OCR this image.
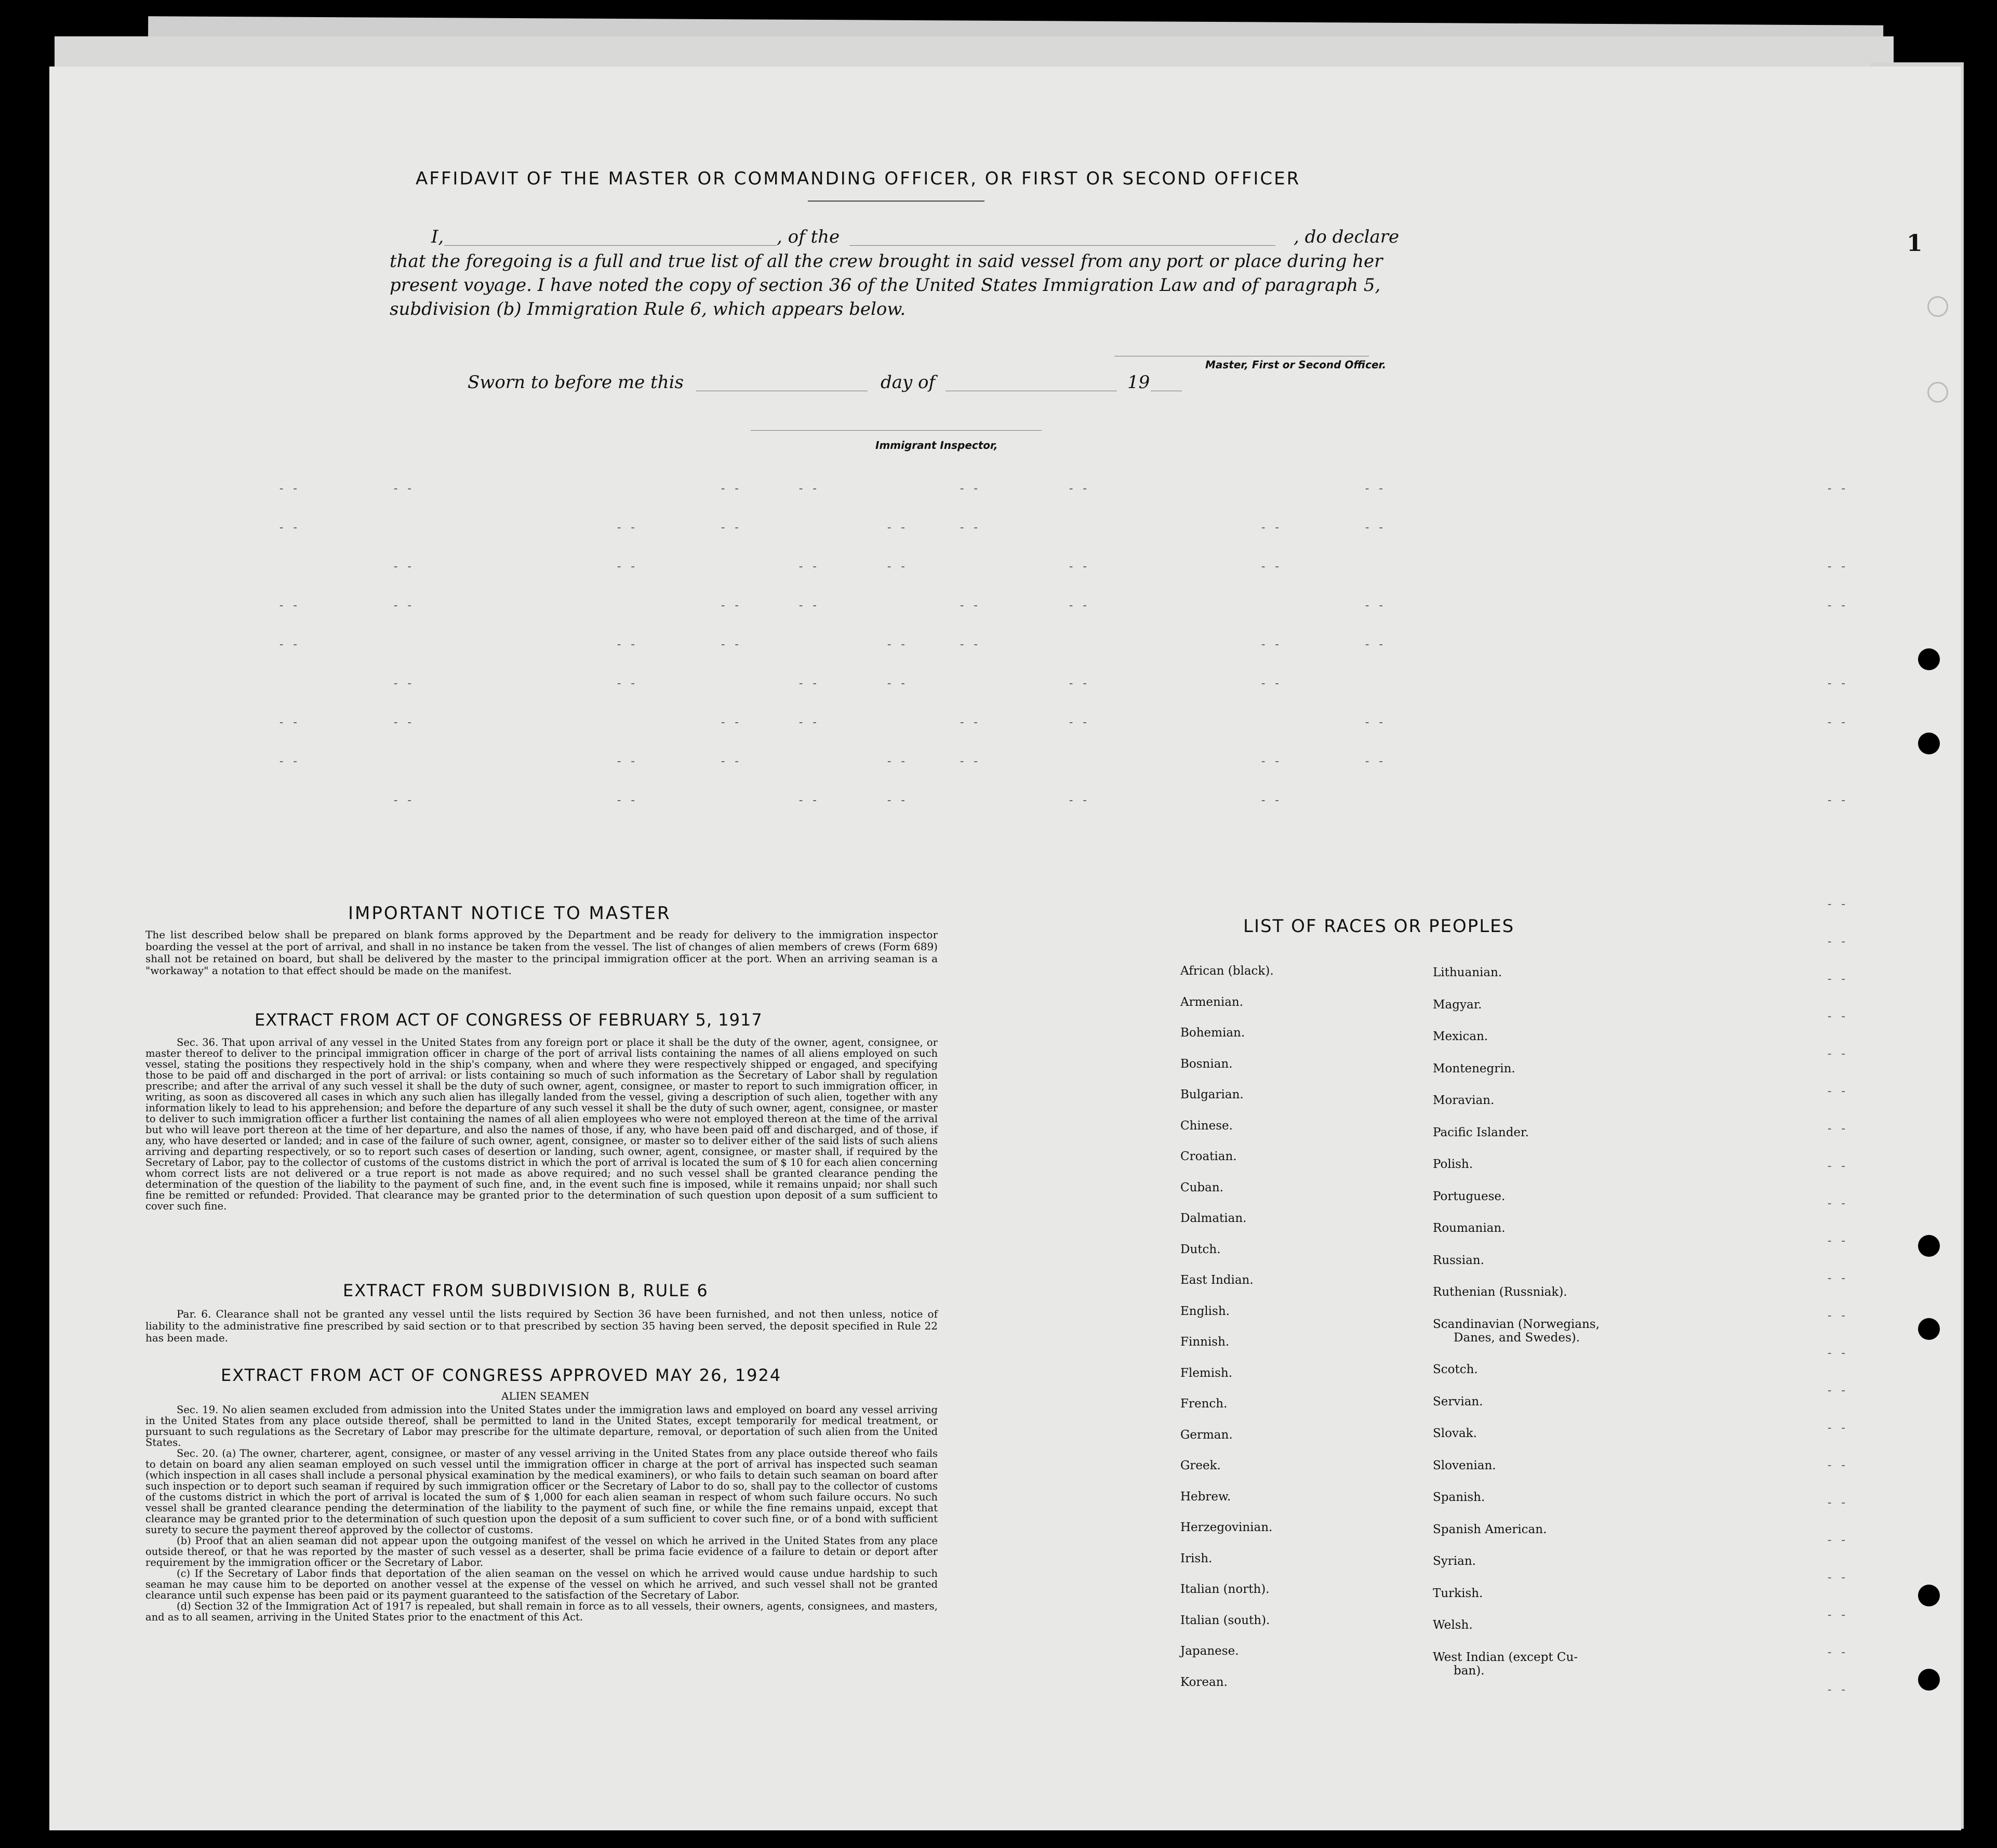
AFFIDAVIT OF THE MASTER OR COMMANDING OFFICER, OR FIRST OR SECOND OFFICER
I,	, of the	, do declare
that the foregoing is a full and true list of all the crew brought in said vessel from any port or place during her
present voyage. I have noted the copy of section 36 of the United States Immigration Law and of paragraph 5,
subdivision (b) Immigration Rule 6, which appears below.
Master, First or Second Officer.
Sworn to before me this	day of	19
Immigrant Inspector,
- -	- -	- -	- -	- -	- -	- -	- -
- -	- -	- -	- -	- -	- -	- -
- -	- -	- -	- -	- -	- -	- -
- -	- -	- -	- -	- -	- -	- -	- -
- -	- -	- -	- -	- -	- -	- -
- -	- -	- -	- -	- -	- -	- -
- -	- -	- -	- -	- -	- -	- -	- -
- -	- -	- -	- -	- -	- -	- -
- -	- -	- -	- -	- -	- -	- -
- -
- -
- -
- -
- -
- -
- -
- -
- -
- -
- -
- -
- -
- -
- -
- -
- -
- -
- -
- -
- -
- -
IMPORTANT NOTICE TO MASTER
The list described below shall be prepared on blank forms approved by the Department and be ready for delivery to the immigration inspector boarding the vessel at the port of arrival, and shall in no instance be taken from the vessel. The list of changes of alien members of crews (Form 689) shall not be retained on board, but shall be delivered by the master to the principal immigration officer at the port. When an arriving seaman is a "workaway" a notation to that effect should be made on the manifest.
EXTRACT FROM ACT OF CONGRESS OF FEBRUARY 5, 1917
Sec. 36. That upon arrival of any vessel in the United States from any foreign port or place it shall be the duty of the owner, agent, consignee, or master thereof to deliver to the principal immigration officer in charge of the port of arrival lists containing the names of all aliens employed on such vessel, stating the positions they respectively hold in the ship's company, when and where they were respectively shipped or engaged, and specifying those to be paid off and discharged in the port of arrival: or lists containing so much of such information as the Secretary of Labor shall by regulation prescribe; and after the arrival of any such vessel it shall be the duty of such owner, agent, consignee, or master to report to such immigration officer, in writing, as soon as discovered all cases in which any such alien has illegally landed from the vessel, giving a description of such alien, together with any information likely to lead to his apprehension; and before the departure of any such vessel it shall be the duty of such owner, agent, consignee, or master to deliver to such immigration officer a further list containing the names of all alien employees who were not employed thereon at the time of the arrival but who will leave port thereon at the time of her departure, and also the names of those, if any, who have been paid off and discharged, and of those, if any, who have deserted or landed; and in case of the failure of such owner, agent, consignee, or master so to deliver either of the said lists of such aliens arriving and departing respectively, or so to report such cases of desertion or landing, such owner, agent, consignee, or master shall, if required by the Secretary of Labor, pay to the collector of customs of the customs district in which the port of arrival is located the sum of $ 10 for each alien concerning whom correct lists are not delivered or a true report is not made as above required; and no such vessel shall be granted clearance pending the determination of the question of the liability to the payment of such fine, and, in the event such fine is imposed, while it remains unpaid; nor shall such fine be remitted or refunded: Provided. That clearance may be granted prior to the determination of such question upon deposit of a sum sufficient to cover such fine.
EXTRACT FROM SUBDIVISION B, RULE 6
Par. 6. Clearance shall not be granted any vessel until the lists required by Section 36 have been furnished, and not then unless, notice of liability to the administrative fine prescribed by said section or to that prescribed by section 35 having been served, the deposit specified in Rule 22 has been made.
EXTRACT FROM ACT OF CONGRESS APPROVED MAY 26, 1924
ALIEN SEAMEN
Sec. 19. No alien seamen excluded from admission into the United States under the immigration laws and employed on board any vessel arriving in the United States from any place outside thereof, shall be permitted to land in the United States, except temporarily for medical treatment, or pursuant to such regulations as the Secretary of Labor may prescribe for the ultimate departure, removal, or deportation of such alien from the United States.
Sec. 20. (a) The owner, charterer, agent, consignee, or master of any vessel arriving in the United States from any place outside thereof who fails to detain on board any alien seaman employed on such vessel until the immigration officer in charge at the port of arrival has inspected such seaman (which inspection in all cases shall include a personal physical examination by the medical examiners), or who fails to detain such seaman on board after such inspection or to deport such seaman if required by such immigration officer or the Secretary of Labor to do so, shall pay to the collector of customs of the customs district in which the port of arrival is located the sum of $ 1,000 for each alien seaman in respect of whom such failure occurs. No such vessel shall be granted clearance pending the determination of the liability to the payment of such fine, or while the fine remains unpaid, except that clearance may be granted prior to the determination of such question upon the deposit of a sum sufficient to cover such fine, or of a bond with sufficient surety to secure the payment thereof approved by the collector of customs.
(b) Proof that an alien seaman did not appear upon the outgoing manifest of the vessel on which he arrived in the United States from any place outside thereof, or that he was reported by the master of such vessel as a deserter, shall be prima facie evidence of a failure to detain or deport after requirement by the immigration officer or the Secretary of Labor.
(c) If the Secretary of Labor finds that deportation of the alien seaman on the vessel on which he arrived would cause undue hardship to such seaman he may cause him to be deported on another vessel at the expense of the vessel on which he arrived, and such vessel shall not be granted clearance until such expense has been paid or its payment guaranteed to the satisfaction of the Secretary of Labor.
(d) Section 32 of the Immigration Act of 1917 is repealed, but shall remain in force as to all vessels, their owners, agents, consignees, and masters, and as to all seamen, arriving in the United States prior to the enactment of this Act.
LIST OF RACES OR PEOPLES
African (black).
Armenian.
Bohemian.
Bosnian.
Bulgarian.
Chinese.
Croatian.
Cuban.
Dalmatian.
Dutch.
East Indian.
English.
Finnish.
Flemish.
French.
German.
Greek.
Hebrew.
Herzegovinian.
Irish.
Italian (north).
Italian (south).
Japanese.
Korean.
Lithuanian.
Magyar.
Mexican.
Montenegrin.
Moravian.
Pacific Islander.
Polish.
Portuguese.
Roumanian.
Russian.
Ruthenian (Russniak).
Scandinavian (Norwegians,
Danes, and Swedes).
Scotch.
Servian.
Slovak.
Slovenian.
Spanish.
Spanish American.
Syrian.
Turkish.
Welsh.
West Indian (except Cu-
ban).
1
